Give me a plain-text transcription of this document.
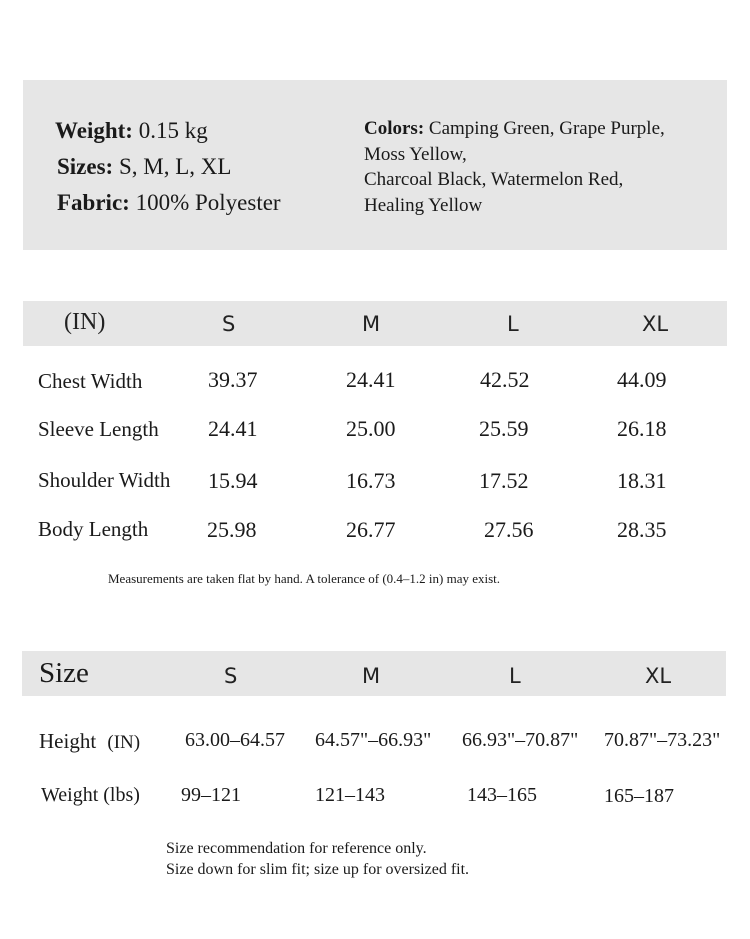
Weight: 0.15 kg
Sizes: S, M, L, XL
Fabric: 100% Polyester
Colors: Camping Green, Grape Purple,
Moss Yellow,
Charcoal Black, Watermelon Red,
Healing Yellow
(IN)	S	M	L	XL
Chest Width	39.37	24.41	42.52	44.09
Sleeve Length 24.41	25.00	25.59	26.18
Shoulder Width 15.94	16.73	17.52	18.31
Body Length	25.98	26.77	27.56	28.35
Measurements are taken flat by hand. A tolerance of (0.4–1.2 in) may exist.
Size	S	M	L	XL
Height (IN) 63.00–64.57 64.57"–66.93" 66.93"–70.87" 70.87"–73.23"
Weight (lbs) 99–121	121–143	143–165	165–187
Size recommendation for reference only.
Size down for slim fit; size up for oversized fit.
